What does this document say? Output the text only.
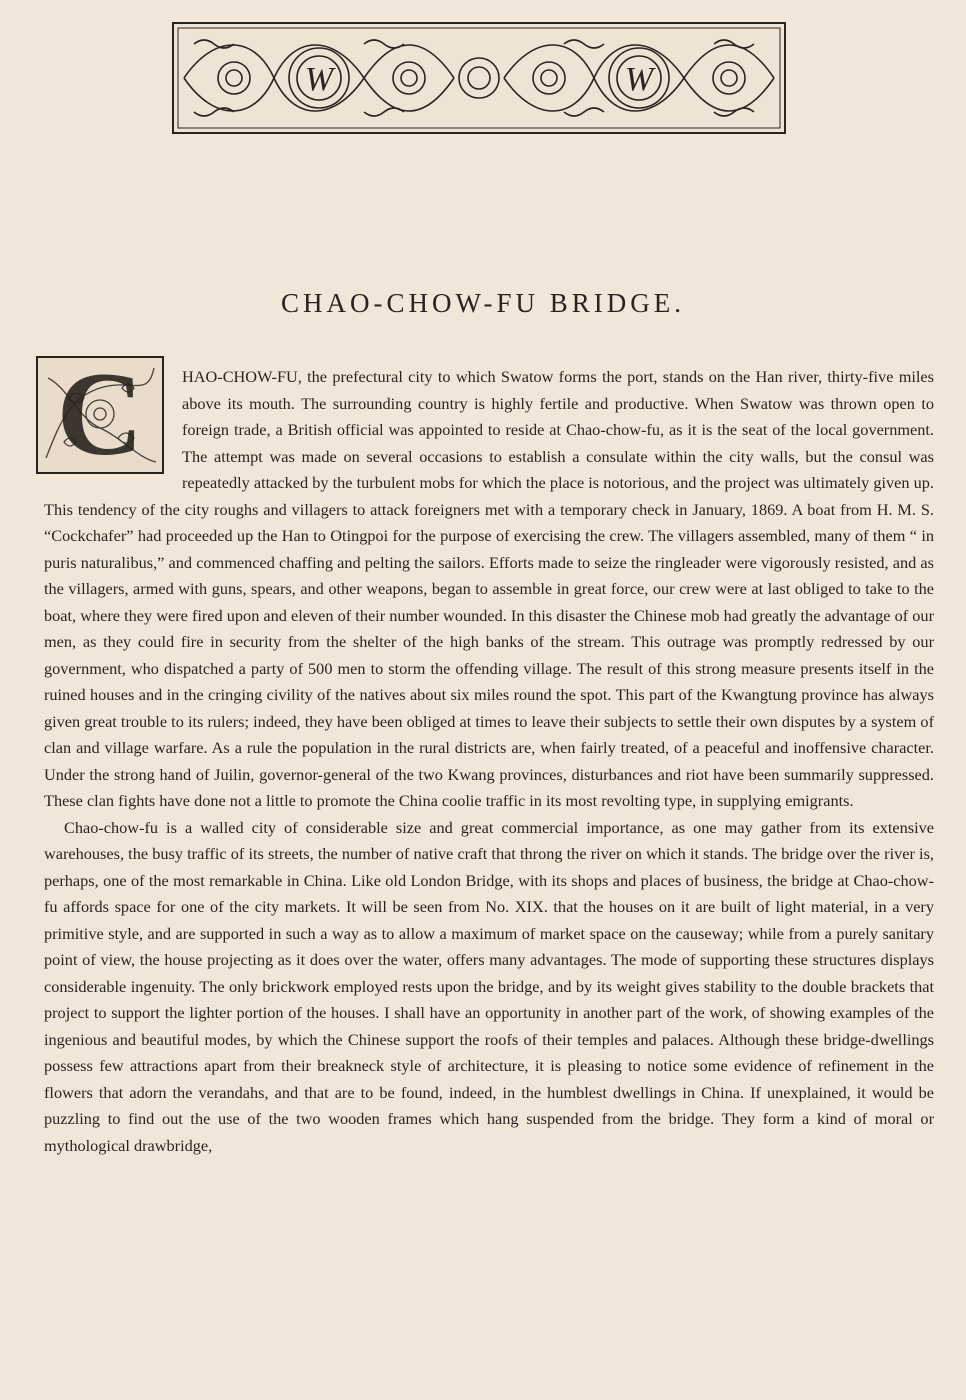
W	W
CHAO-CHOW-FU BRIDGE.
C	HAO-CHOW-FU, the prefectural city to which Swatow forms the port, stands on the Han river, thirty-five miles above its mouth. The surrounding country is highly fertile and productive. When Swatow was thrown open to foreign trade, a British official was appointed to reside at Chao-chow-fu, as it is the seat of the local government. The attempt was made on several occasions to establish a consulate within the city walls, but the consul was repeatedly attacked by the turbulent mobs for which the place is notorious, and the project was ultimately given up. This tendency of the city roughs and villagers to attack foreigners met with a temporary check in January, 1869. A boat from H. M. S. “Cockchafer” had proceeded up the Han to Otingpoi for the purpose of exercising the crew. The villagers assembled, many of them “ in puris naturalibus,” and commenced chaffing and pelting the sailors. Efforts made to seize the ringleader were vigorously resisted, and as the villagers, armed with guns, spears, and other weapons, began to assemble in great force, our crew were at last obliged to take to the boat, where they were fired upon and eleven of their number wounded. In this disaster the Chinese mob had greatly the advantage of our men, as they could fire in security from the shelter of the high banks of the stream. This outrage was promptly redressed by our government, who dispatched a party of 500 men to storm the offending village. The result of this strong measure presents itself in the ruined houses and in the cringing civility of the natives about six miles round the spot. This part of the Kwangtung province has always given great trouble to its rulers; indeed, they have been obliged at times to leave their subjects to settle their own disputes by a system of clan and village warfare. As a rule the population in the rural districts are, when fairly treated, of a peaceful and inoffensive character. Under the strong hand of Juilin, governor-general of the two Kwang provinces, disturbances and riot have been summarily suppressed. These clan fights have done not a little to promote the China coolie traffic in its most revolting type, in supplying emigrants.

Chao-chow-fu is a walled city of considerable size and great commercial importance, as one may gather from its extensive warehouses, the busy traffic of its streets, the number of native craft that throng the river on which it stands. The bridge over the river is, perhaps, one of the most remarkable in China. Like old London Bridge, with its shops and places of business, the bridge at Chao-chow-fu affords space for one of the city markets. It will be seen from No. XIX. that the houses on it are built of light material, in a very primitive style, and are supported in such a way as to allow a maximum of market space on the causeway; while from a purely sanitary point of view, the house projecting as it does over the water, offers many advantages. The mode of supporting these structures displays considerable ingenuity. The only brickwork employed rests upon the bridge, and by its weight gives stability to the double brackets that project to support the lighter portion of the houses. I shall have an opportunity in another part of the work, of showing examples of the ingenious and beautiful modes, by which the Chinese support the roofs of their temples and palaces. Although these bridge-dwellings possess few attractions apart from their breakneck style of architecture, it is pleasing to notice some evidence of refinement in the flowers that adorn the verandahs, and that are to be found, indeed, in the humblest dwellings in China. If unexplained, it would be puzzling to find out the use of the two wooden frames which hang suspended from the bridge. They form a kind of moral or mythological drawbridge,
